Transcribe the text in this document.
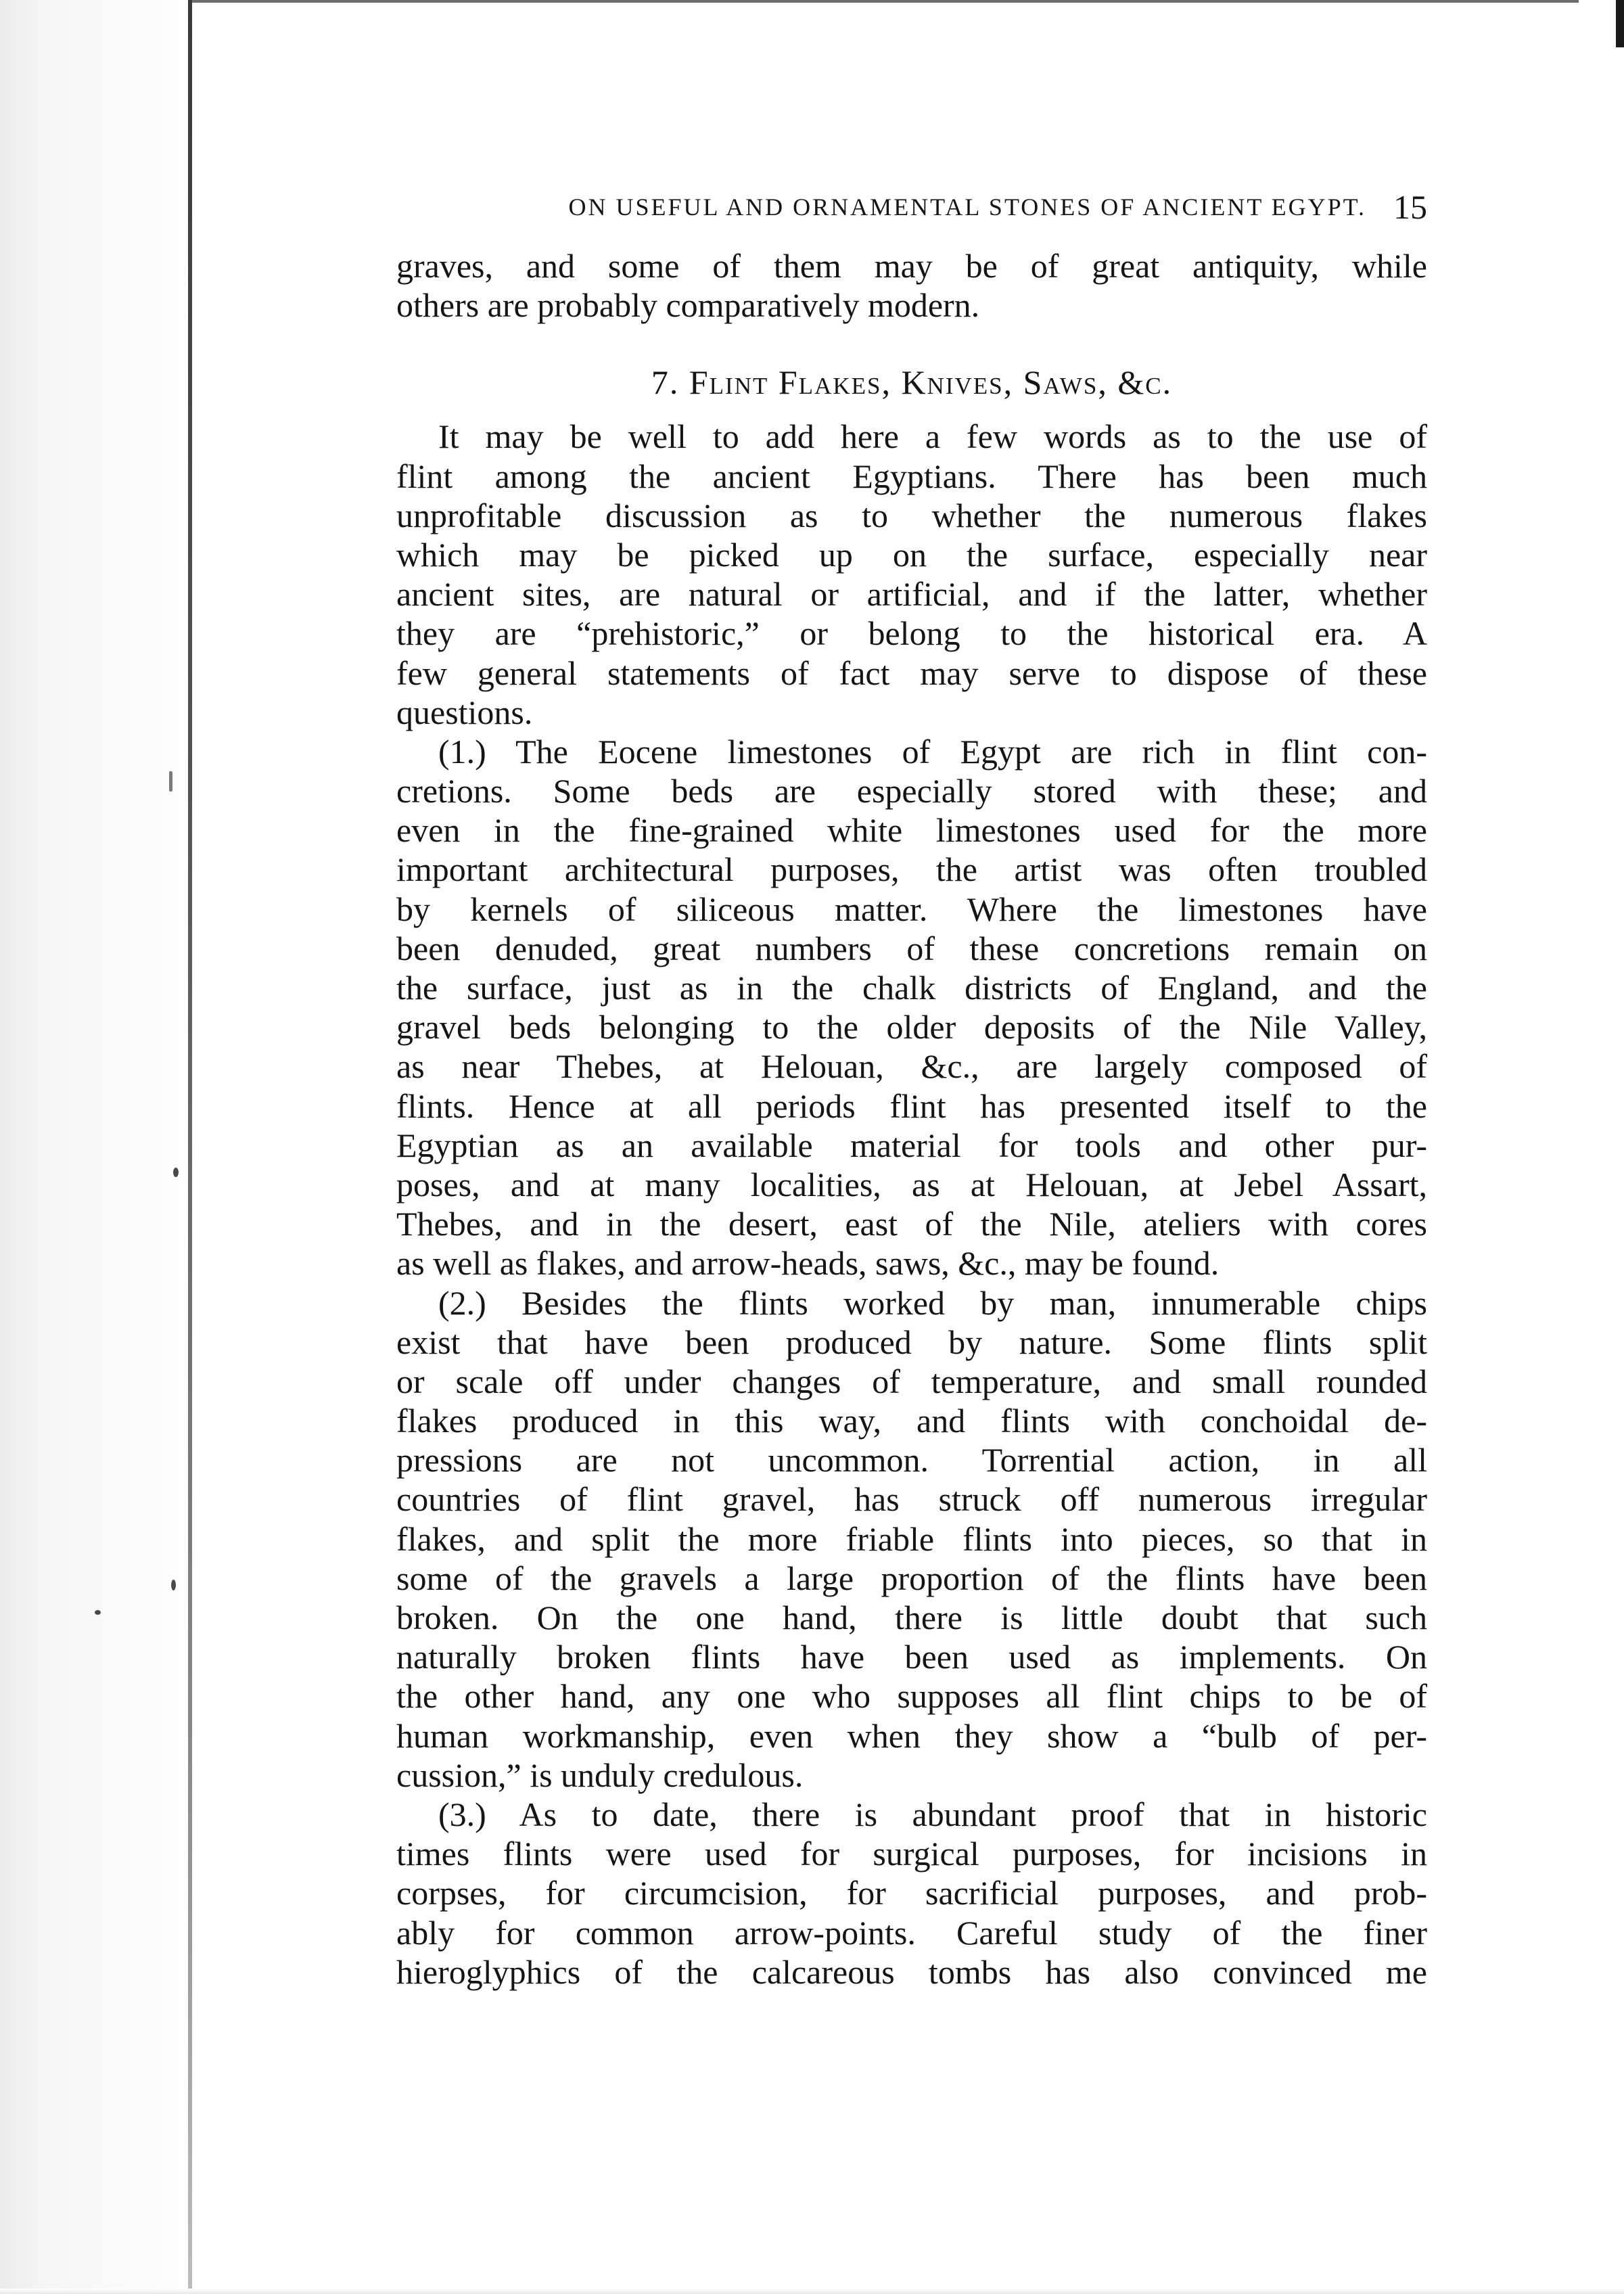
ON USEFUL AND ORNAMENTAL STONES OF ANCIENT EGYPT. 15
graves, and some of them may be of great antiquity, while
others are probably comparatively modern.
7. Flint Flakes, Knives, Saws, &c.
It may be well to add here a few words as to the use of
flint among the ancient Egyptians. There has been much
unprofitable discussion as to whether the numerous flakes
which may be picked up on the surface, especially near
ancient sites, are natural or artificial, and if the latter, whether
they are “prehistoric,” or belong to the historical era. A
few general statements of fact may serve to dispose of these
questions.
(1.) The Eocene limestones of Egypt are rich in flint con-
cretions. Some beds are especially stored with these; and
even in the fine-grained white limestones used for the more
important architectural purposes, the artist was often troubled
by kernels of siliceous matter. Where the limestones have
been denuded, great numbers of these concretions remain on
the surface, just as in the chalk districts of England, and the
gravel beds belonging to the older deposits of the Nile Valley,
as near Thebes, at Helouan, &c., are largely composed of
flints. Hence at all periods flint has presented itself to the
Egyptian as an available material for tools and other pur-
poses, and at many localities, as at Helouan, at Jebel Assart,
Thebes, and in the desert, east of the Nile, ateliers with cores
as well as flakes, and arrow-heads, saws, &c., may be found.
(2.) Besides the flints worked by man, innumerable chips
exist that have been produced by nature. Some flints split
or scale off under changes of temperature, and small rounded
flakes produced in this way, and flints with conchoidal de-
pressions are not uncommon. Torrential action, in all
countries of flint gravel, has struck off numerous irregular
flakes, and split the more friable flints into pieces, so that in
some of the gravels a large proportion of the flints have been
broken. On the one hand, there is little doubt that such
naturally broken flints have been used as implements. On
the other hand, any one who supposes all flint chips to be of
human workmanship, even when they show a “bulb of per-
cussion,” is unduly credulous.
(3.) As to date, there is abundant proof that in historic
times flints were used for surgical purposes, for incisions in
corpses, for circumcision, for sacrificial purposes, and prob-
ably for common arrow-points. Careful study of the finer
hieroglyphics of the calcareous tombs has also convinced me
